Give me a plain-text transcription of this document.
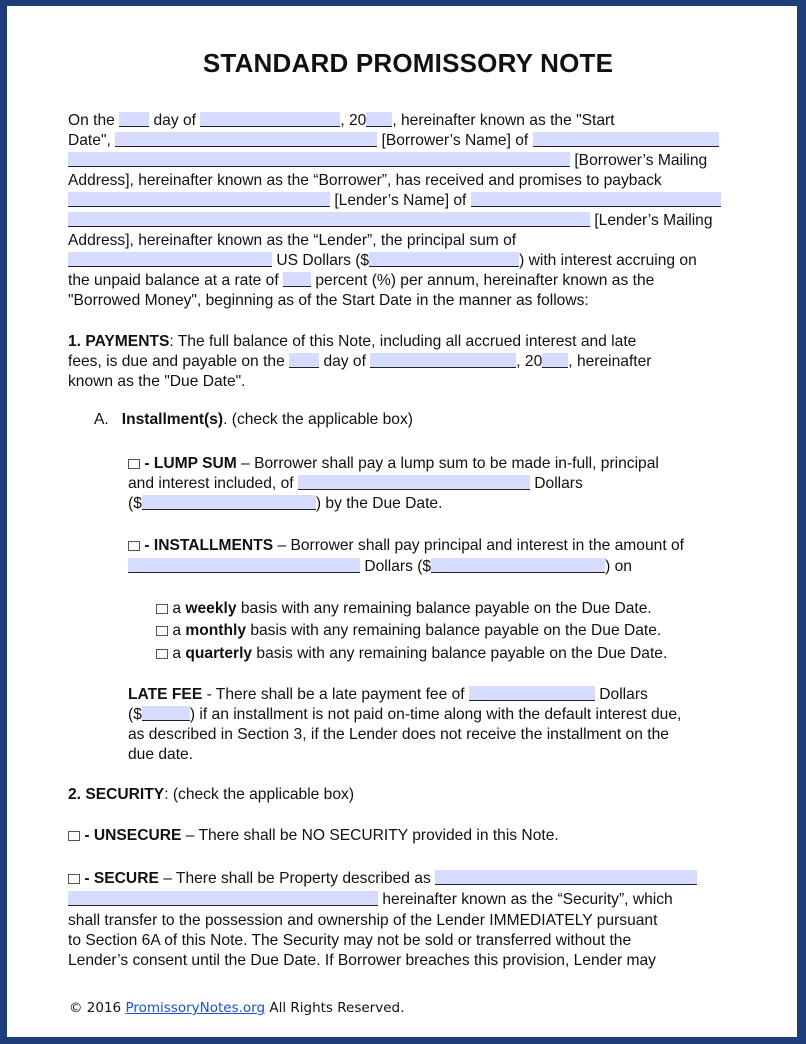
STANDARD PROMISSORY NOTE
On the day of	, 20 , hereinafter known as the "Start
Date",	[Borrower’s Name] of
[Borrower’s Mailing
Address], hereinafter known as the “Borrower”, has received and promises to payback
[Lender’s Name] of
[Lender’s Mailing
Address], hereinafter known as the “Lender”, the principal sum of
US Dollars ($	) with interest accruing on
the unpaid balance at a rate of percent (%) per annum, hereinafter known as the
"Borrowed Money", beginning as of the Start Date in the manner as follows:
1. PAYMENTS: The full balance of this Note, including all accrued interest and late
fees, is due and payable on the day of	, 20 , hereinafter
known as the "Due Date".
A. Installment(s). (check the applicable box)
- LUMP SUM – Borrower shall pay a lump sum to be made in-full, principal
and interest included, of	Dollars
($	) by the Due Date.
- INSTALLMENTS – Borrower shall pay principal and interest in the amount of
Dollars ($	) on
a weekly basis with any remaining balance payable on the Due Date.
a monthly basis with any remaining balance payable on the Due Date.
a quarterly basis with any remaining balance payable on the Due Date.
LATE FEE - There shall be a late payment fee of	Dollars
($	) if an installment is not paid on-time along with the default interest due,
as described in Section 3, if the Lender does not receive the installment on the
due date.
2. SECURITY: (check the applicable box)
- UNSECURE – There shall be NO SECURITY provided in this Note.
- SECURE – There shall be Property described as
hereinafter known as the “Security”, which
shall transfer to the possession and ownership of the Lender IMMEDIATELY pursuant
to Section 6A of this Note. The Security may not be sold or transferred without the
Lender’s consent until the Due Date. If Borrower breaches this provision, Lender may
© 2016 PromissoryNotes.org All Rights Reserved.
